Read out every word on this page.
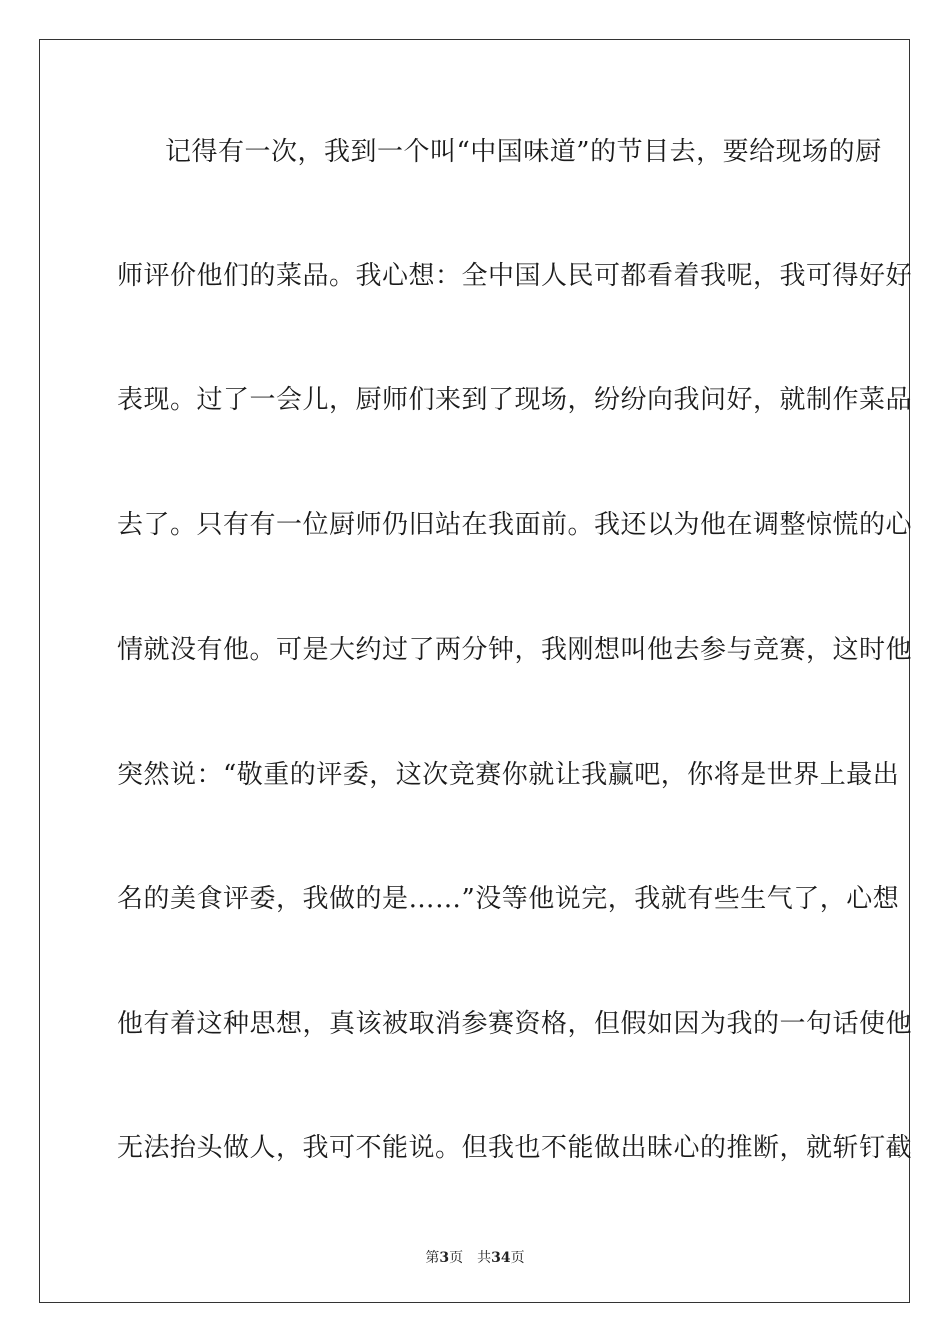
记得有一次，我到一个叫“中国味道”的节目去，要给现场的厨
师评价他们的菜品。我心想：全中国人民可都看着我呢，我可得好好
表现。过了一会儿，厨师们来到了现场，纷纷向我问好，就制作菜品
去了。只有有一位厨师仍旧站在我面前。我还以为他在调整惊慌的心
情就没有他。可是大约过了两分钟，我刚想叫他去参与竞赛，这时他
突然说：“敬重的评委，这次竞赛你就让我赢吧，你将是世界上最出
名的美食评委，我做的是……”没等他说完，我就有些生气了，心想
他有着这种思想，真该被取消参赛资格，但假如因为我的一句话使他
无法抬头做人，我可不能说。但我也不能做出昧心的推断，就斩钉截
第3页 共34页
